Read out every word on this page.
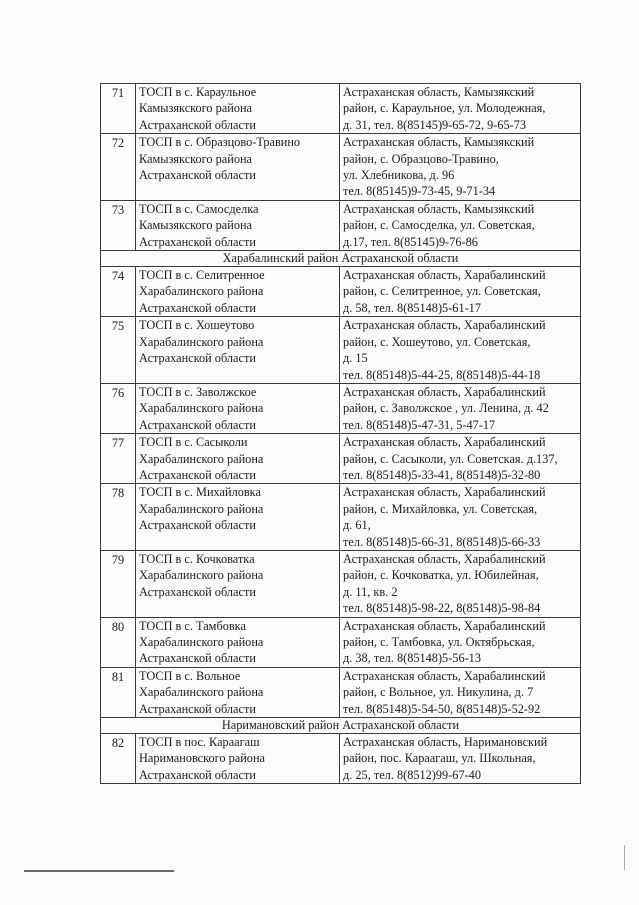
71	ТОСП в с. Караульное
Камызякского района
Астраханской области	Астраханская область, Камызякский
район, с. Караульное, ул. Молодежная,
д. 31, тел. 8(85145)9-65-72, 9-65-73

72	ТОСП в с. Образцово-Травино
Камызякского района
Астраханской области	Астраханская область, Камызякский
район, с. Образцово-Травино,
ул. Хлебникова, д. 96
тел. 8(85145)9-73-45, 9-71-34

73	ТОСП в с. Самосделка
Камызякского района
Астраханской области	Астраханская область, Камызякский
район, с. Самосделка, ул. Советская,
д.17, тел. 8(85145)9-76-86

Харабалинский район Астраханской области		
74	ТОСП в с. Селитренное
Харабалинского района
Астраханской области	Астраханская область, Харабалинский
район, с. Селитренное, ул. Советская,
д. 58, тел. 8(85148)5-61-17

75	ТОСП в с. Хошеутово
Харабалинского района
Астраханской области	Астраханская область, Харабалинский
район, с. Хошеутово, ул. Советская,
д. 15
тел. 8(85148)5-44-25, 8(85148)5-44-18

76	ТОСП в с. Заволжское
Харабалинского района
Астраханской области	Астраханская область, Харабалинский
район, с. Заволжское , ул. Ленина, д. 42
тел. 8(85148)5-47-31, 5-47-17

77	ТОСП в с. Сасыколи
Харабалинского района
Астраханской области	Астраханская область, Харабалинский
район, с. Сасыколи, ул. Советская. д.137,
тел. 8(85148)5-33-41, 8(85148)5-32-80

78	ТОСП в с. Михайловка
Харабалинского района
Астраханской области	Астраханская область, Харабалинский
район, с. Михайловка, ул. Советская,
д. 61,
тел. 8(85148)5-66-31, 8(85148)5-66-33

79	ТОСП в с. Кочковатка
Харабалинского района
Астраханской области	Астраханская область, Харабалинский
район, с. Кочковатка, ул. Юбилейная,
д. 11, кв. 2
тел. 8(85148)5-98-22, 8(85148)5-98-84

80	ТОСП в с. Тамбовка
Харабалинского района
Астраханской области	Астраханская область, Харабалинский
район, с. Тамбовка, ул. Октябрьская,
д. 38, тел. 8(85148)5-56-13

81	ТОСП в с. Вольное
Харабалинского района
Астраханской области	Астраханская область, Харабалинский
район, с Вольное, ул. Никулина, д. 7
тел. 8(85148)5-54-50, 8(85148)5-52-92

Наримановский район Астраханской области		
82	ТОСП в пос. Караагаш
Наримановского района
Астраханской области	Астраханская область, Наримановский
район, пос. Караагаш, ул. Школьная,
д. 25, тел. 8(8512)99-67-40
